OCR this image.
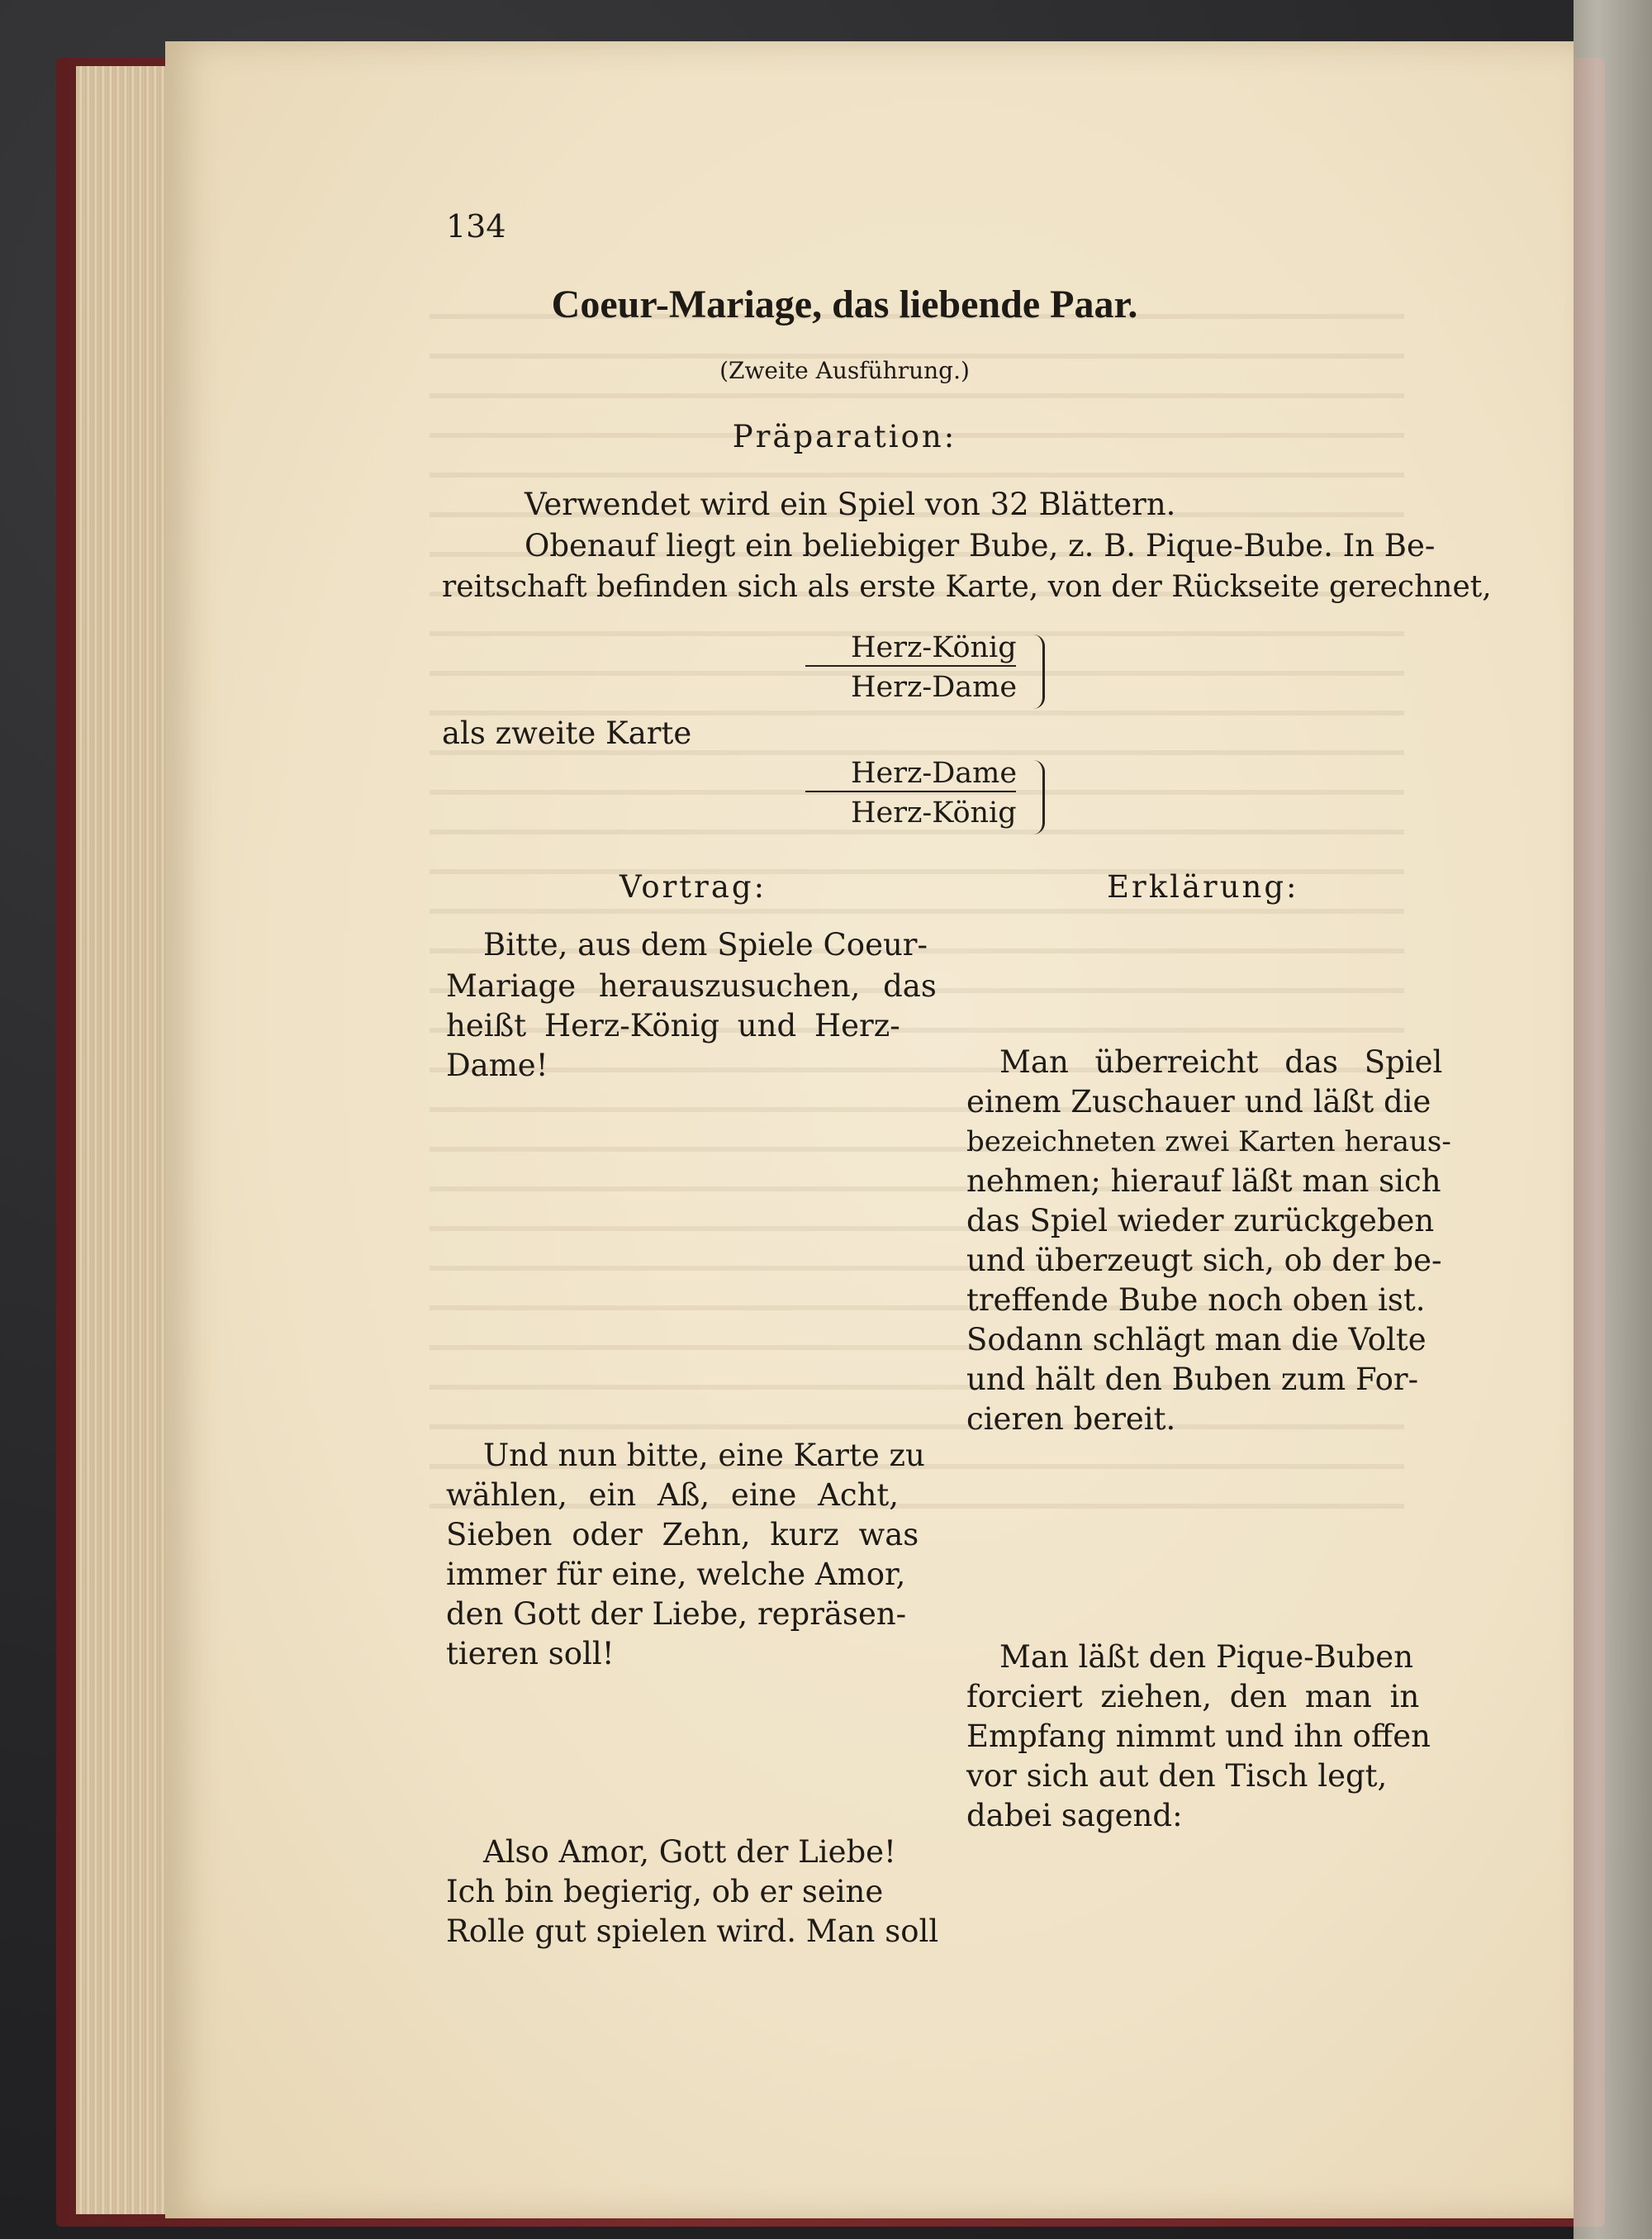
134
Coeur-Mariage, das liebende Paar.
(Zweite Ausführung.)
Präparation:
Verwendet wird ein Spiel von 32 Blättern.
Obenauf liegt ein beliebiger Bube, z. B. Pique-Bube. In Be-
reitschaft befinden sich als erste Karte, von der Rückseite gerechnet,
Herz-König
Herz-Dame
als zweite Karte
Herz-Dame
Herz-König
Vortrag:	Erklärung:
Bitte, aus dem Spiele Coeur-
Mariage herauszusuchen, das
heißt Herz-König und Herz-
Dame!	Man überreicht das Spiel
einem Zuschauer und läßt die
bezeichneten zwei Karten heraus-
nehmen; hierauf läßt man sich
das Spiel wieder zurückgeben
und überzeugt sich, ob der be-
treffende Bube noch oben ist.
Sodann schlägt man die Volte
und hält den Buben zum For-
cieren bereit.
Und nun bitte, eine Karte zu
wählen, ein Aß, eine Acht,
Sieben oder Zehn, kurz was
immer für eine, welche Amor,
den Gott der Liebe, repräsen-
tieren soll!	Man läßt den Pique-Buben
forciert ziehen, den man in
Empfang nimmt und ihn offen
vor sich aut den Tisch legt,
dabei sagend:
Also Amor, Gott der Liebe!
Ich bin begierig, ob er seine
Rolle gut spielen wird. Man soll
